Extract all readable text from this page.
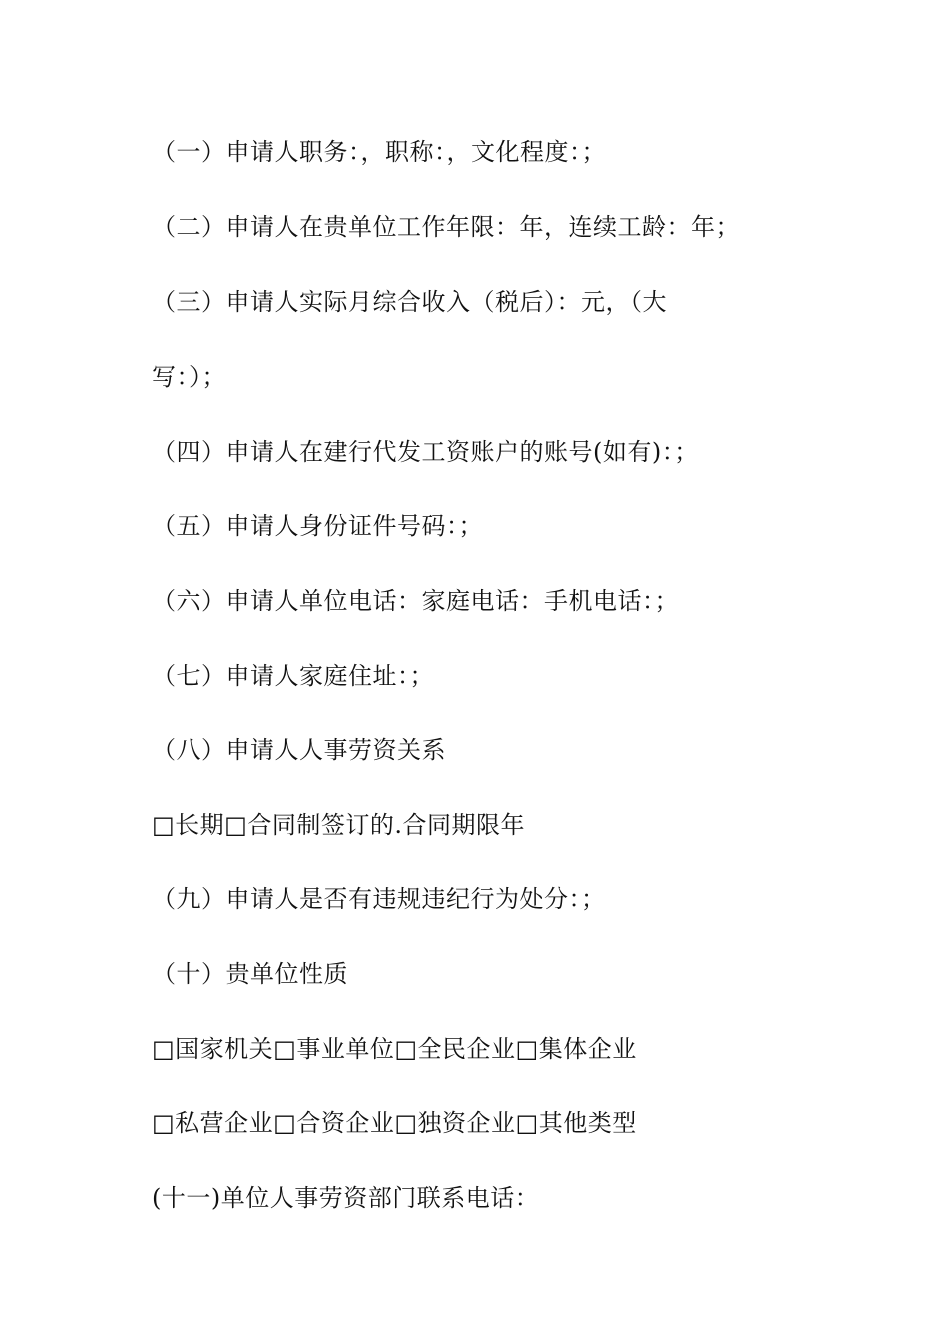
（一）申请人职务：，职称：，文化程度：；
（二）申请人在贵单位工作年限：年，连续工龄：年；
（三）申请人实际月综合收入（税后）：元，（大
写：）；
（四）申请人在建行代发工资账户的账号(如有)：；
（五）申请人身份证件号码：；
（六）申请人单位电话：家庭电话：手机电话：；
（七）申请人家庭住址：；
（八）申请人人事劳资关系
□长期□合同制签订的.合同期限年
（九）申请人是否有违规违纪行为处分：；
（十）贵单位性质
□国家机关□事业单位□全民企业□集体企业
□私营企业□合资企业□独资企业□其他类型
(十一)单位人事劳资部门联系电话：
